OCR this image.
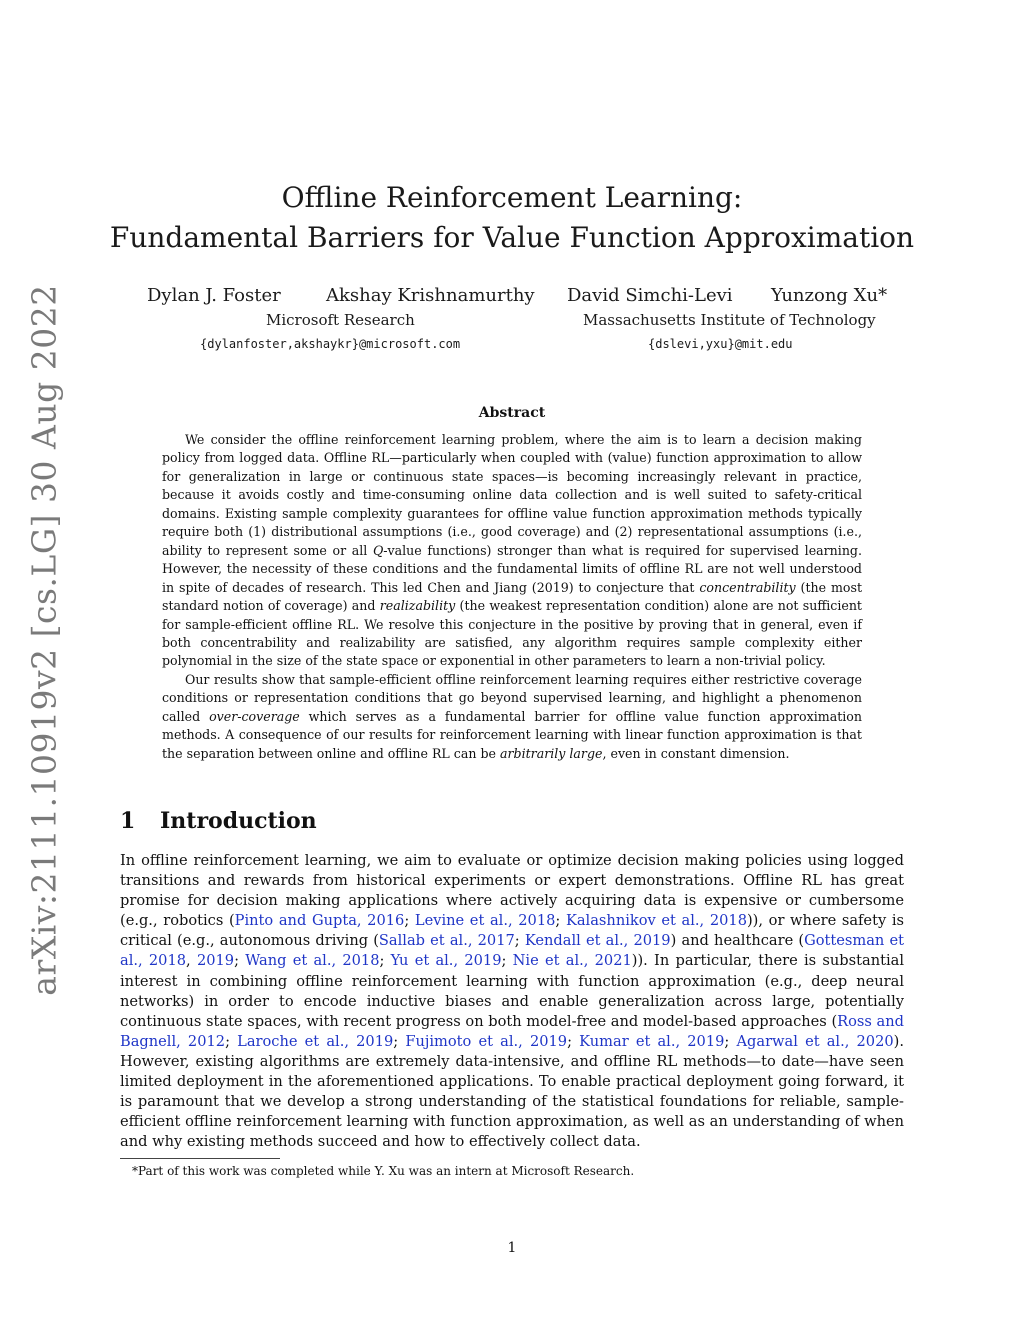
arXiv:2111.10919v2 [cs.LG] 30 Aug 2022
Offline Reinforcement Learning:
Fundamental Barriers for Value Function Approximation
Dylan J. Foster	Akshay Krishnamurthy David Simchi-Levi Yunzong Xu*
Microsoft Research	Massachusetts Institute of Technology
{dylanfoster,akshaykr}@microsoft.com	{dslevi,yxu}@mit.edu
Abstract

We consider the offline reinforcement learning problem, where the aim is to learn a decision making policy from logged data. Offline RL—particularly when coupled with (value) function approximation to allow for generalization in large or continuous state spaces—is becoming increasingly relevant in practice, because it avoids costly and time-consuming online data collection and is well suited to safety-critical domains. Existing sample complexity guarantees for offline value function approximation methods typically require both (1) distributional assumptions (i.e., good coverage) and (2) representational assumptions (i.e., ability to represent some or all Q-value functions) stronger than what is required for supervised learning. However, the necessity of these conditions and the fundamental limits of offline RL are not well understood in spite of decades of research. This led Chen and Jiang (2019) to conjecture that concentrability (the most standard notion of coverage) and realizability (the weakest representation condition) alone are not sufficient for sample-efficient offline RL. We resolve this conjecture in the positive by proving that in general, even if both concentrability and realizability are satisfied, any algorithm requires sample complexity either polynomial in the size of the state space or exponential in other parameters to learn a non-trivial policy.

Our results show that sample-efficient offline reinforcement learning requires either restrictive coverage conditions or representation conditions that go beyond supervised learning, and highlight a phenomenon called over-coverage which serves as a fundamental barrier for offline value function approximation methods. A consequence of our results for reinforcement learning with linear function approximation is that the separation between online and offline RL can be arbitrarily large, even in constant dimension.

1 Introduction

In offline reinforcement learning, we aim to evaluate or optimize decision making policies using logged transitions and rewards from historical experiments or expert demonstrations. Offline RL has great promise for decision making applications where actively acquiring data is expensive or cumbersome (e.g., robotics (Pinto and Gupta, 2016; Levine et al., 2018; Kalashnikov et al., 2018)), or where safety is critical (e.g., autonomous driving (Sallab et al., 2017; Kendall et al., 2019) and healthcare (Gottesman et al., 2018, 2019; Wang et al., 2018; Yu et al., 2019; Nie et al., 2021)). In particular, there is substantial interest in combining offline reinforcement learning with function approximation (e.g., deep neural networks) in order to encode inductive biases and enable generalization across large, potentially continuous state spaces, with recent progress on both model-free and model-based approaches (Ross and Bagnell, 2012; Laroche et al., 2019; Fujimoto et al., 2019; Kumar et al., 2019; Agarwal et al., 2020). However, existing algorithms are extremely data-intensive, and offline RL methods—to date—have seen limited deployment in the aforementioned applications. To enable practical deployment going forward, it is paramount that we develop a strong understanding of the statistical foundations for reliable, sample-efficient offline reinforcement learning with function approximation, as well as an understanding of when and why existing methods succeed and how to effectively collect data.

*Part of this work was completed while Y. Xu was an intern at Microsoft Research.
1
